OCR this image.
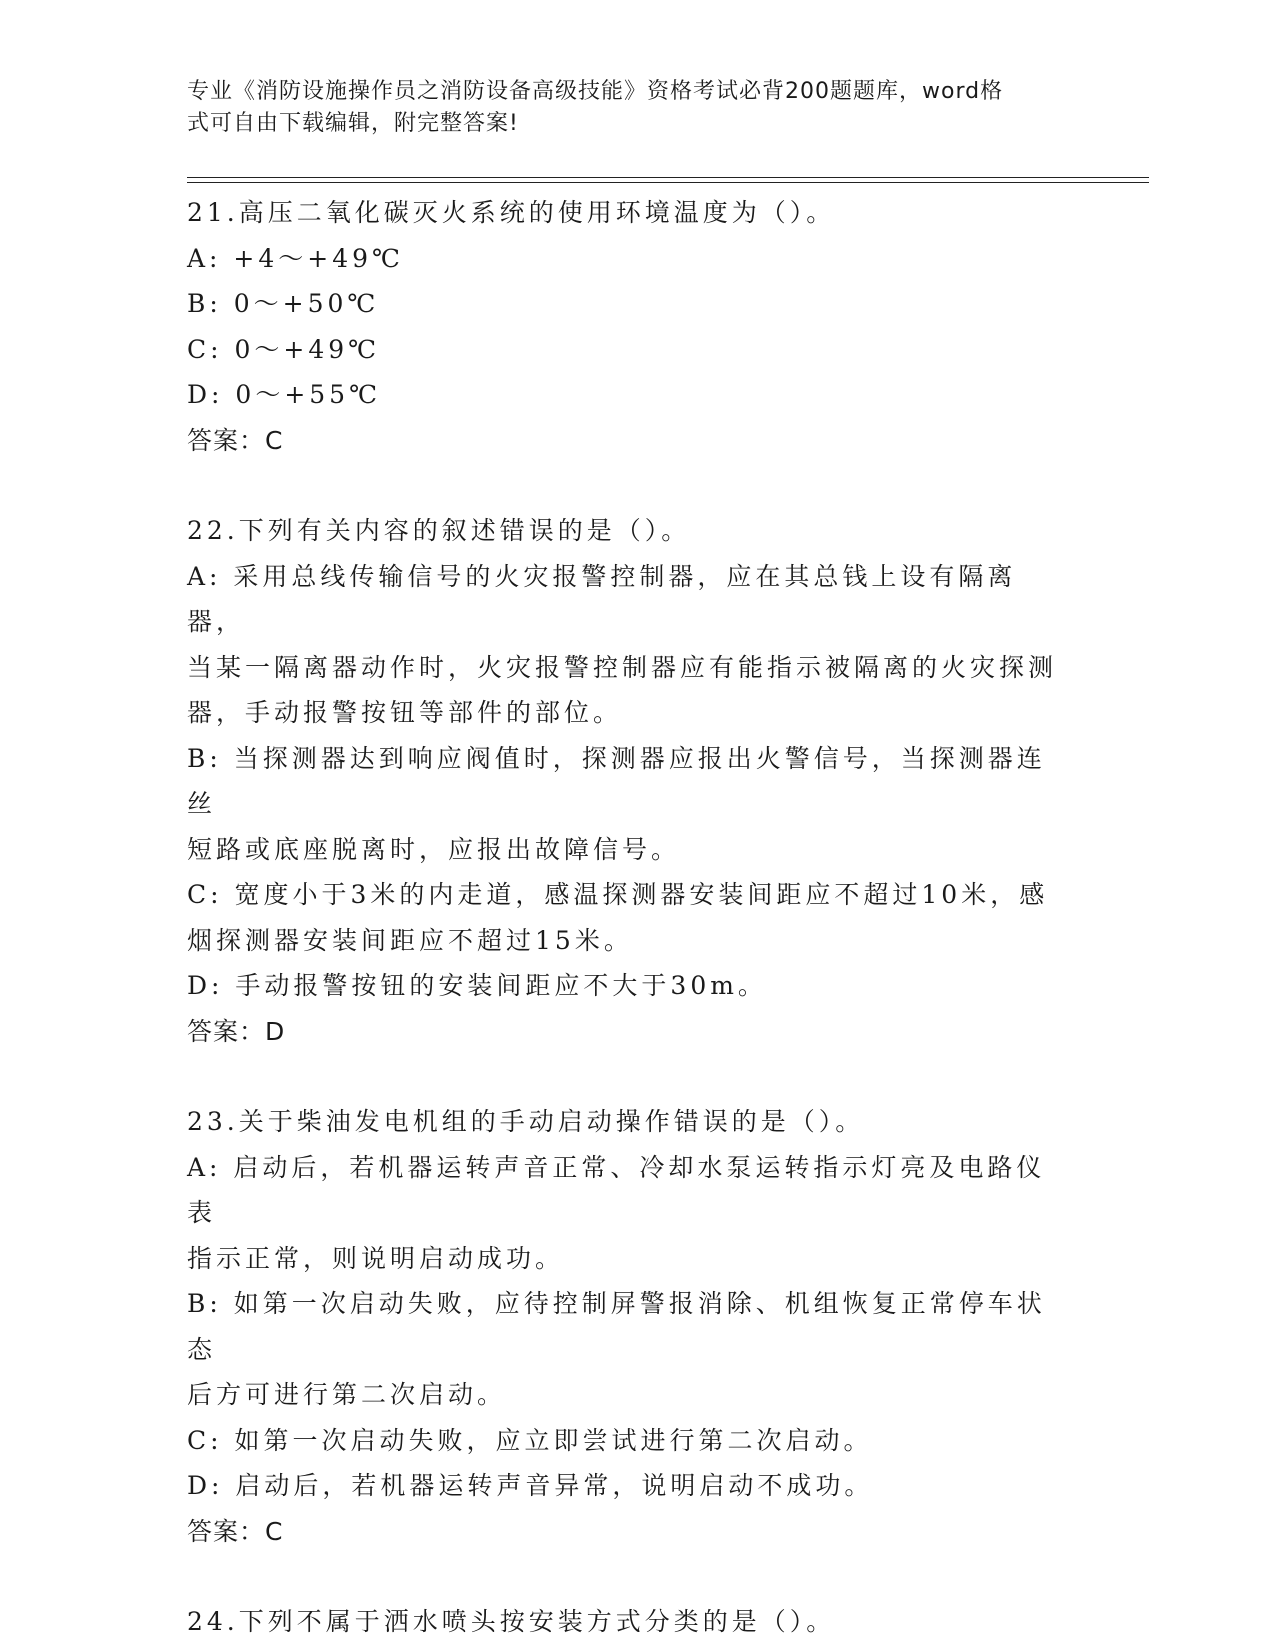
专业《消防设施操作员之消防设备高级技能》资格考试必背200题题库，word格
式可自由下载编辑，附完整答案!

21.高压二氧化碳灭火系统的使用环境温度为（）。

A: +4～+49℃

B: 0～+50℃

C: 0～+49℃

D: 0～+55℃

答案：C

22.下列有关内容的叙述错误的是（）。

A: 采用总线传输信号的火灾报警控制器，应在其总钱上设有隔离器，

当某一隔离器动作时，火灾报警控制器应有能指示被隔离的火灾探测

器，手动报警按钮等部件的部位。

B: 当探测器达到响应阀值时，探测器应报出火警信号，当探测器连丝

短路或底座脱离时，应报出故障信号。

C: 宽度小于3米的内走道，感温探测器安装间距应不超过10米，感

烟探测器安装间距应不超过15米。

D: 手动报警按钮的安装间距应不大于30m。

答案：D

23.关于柴油发电机组的手动启动操作错误的是（）。

A: 启动后，若机器运转声音正常、冷却水泵运转指示灯亮及电路仪表

指示正常，则说明启动成功。

B: 如第一次启动失败，应待控制屏警报消除、机组恢复正常停车状态

后方可进行第二次启动。

C: 如第一次启动失败，应立即尝试进行第二次启动。

D: 启动后，若机器运转声音异常，说明启动不成功。

答案：C

24.下列不属于洒水喷头按安装方式分类的是（）。
